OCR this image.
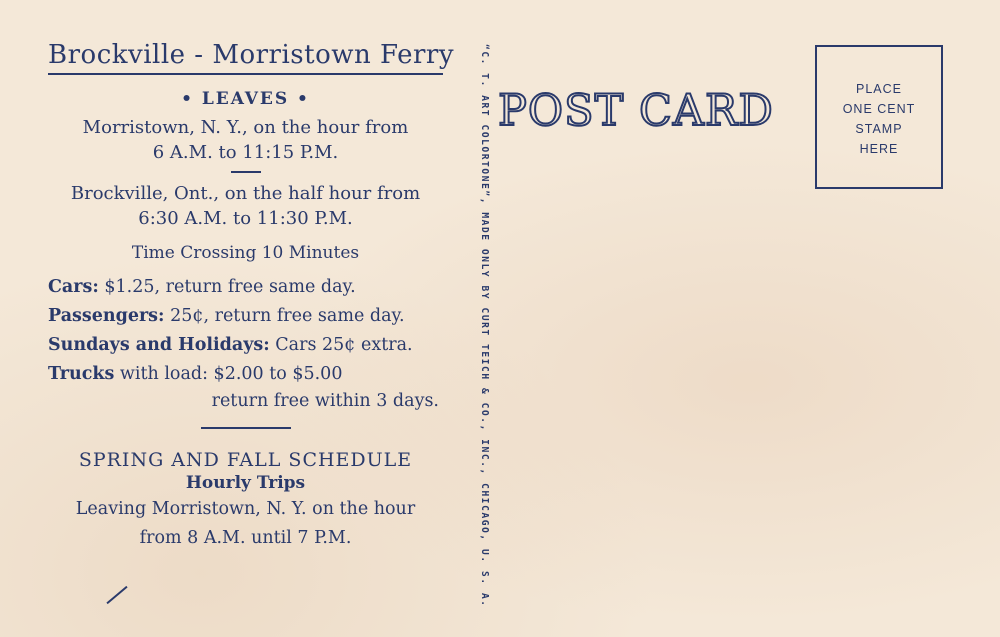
Brockville - Morristown Ferry
• LEAVES •
Morristown, N. Y., on the hour from
6 A.M. to 11:15 P.M.
Brockville, Ont., on the half hour from
6:30 A.M. to 11:30 P.M.
Time Crossing 10 Minutes
Cars: $1.25, return free same day.
Passengers: 25¢, return free same day.
Sundays and Holidays: Cars 25¢ extra.
Trucks with load: $2.00 to $5.00
return free within 3 days.
SPRING AND FALL SCHEDULE
Hourly Trips
Leaving Morristown, N. Y. on the hour
from 8 A.M. until 7 P.M.	“C. T. ART COLORTONE”, MADE ONLY BY CURT TEICH & CO., INC., CHICAGO, U. S. A. POST CARD	PLACE
ONE CENT
STAMP
HERE
